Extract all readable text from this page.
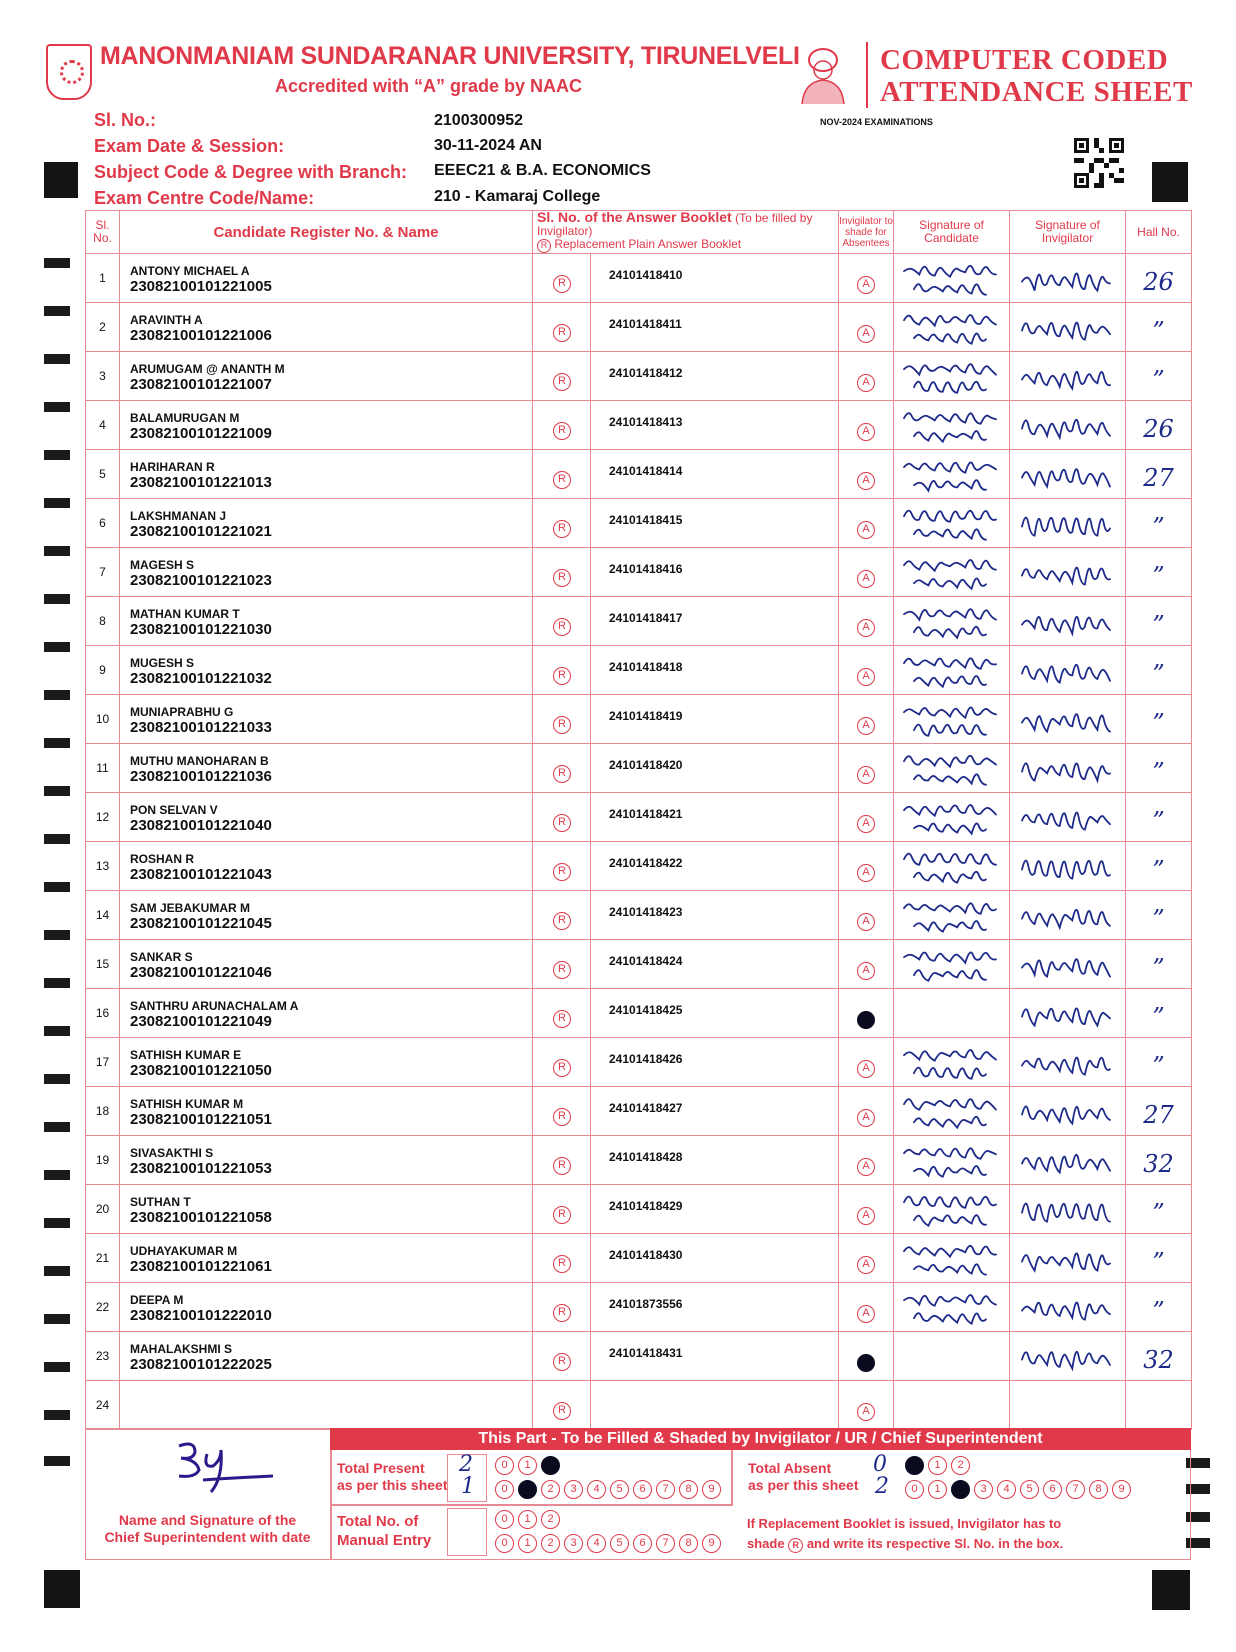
MANONMANIAM SUNDARANAR UNIVERSITY, TIRUNELVELI
Accredited with “A” grade by NAAC
COMPUTER CODED
ATTENDANCE SHEET
NOV-2024 EXAMINATIONS
Sl. No.:	2100300952
Exam Date & Session:	30-11-2024 AN
Subject Code & Degree with Branch: EEEC21 & B.A. ECONOMICS
Exam Centre Code/Name:	210 - Kamaraj College
Sl. No.	Candidate Register No. & Name	Sl. No. of the Answer Booklet (To be filled by Invigilator)
R Replacement Plain Answer Booklet		Invigilator to shade for Absentees	Signature of Candidate	Signature of Invigilator	Hall No.
1	ANTONY MICHAEL A
23082100101221005	R	24101418410	A			26

2	ARAVINTH A
23082100101221006	R	24101418411	A			”

3	ARUMUGAM @ ANANTH M
23082100101221007	R	24101418412	A			”

4	BALAMURUGAN M
23082100101221009	R	24101418413	A			26

5	HARIHARAN R
23082100101221013	R	24101418414	A			27

6	LAKSHMANAN J
23082100101221021	R	24101418415	A			”

7	MAGESH S
23082100101221023	R	24101418416	A			”

8	MATHAN KUMAR T
23082100101221030	R	24101418417	A			”

9	MUGESH S
23082100101221032	R	24101418418	A			”

10	MUNIAPRABHU G
23082100101221033	R	24101418419	A			”

11	MUTHU MANOHARAN B
23082100101221036	R	24101418420	A			”

12	PON SELVAN V
23082100101221040	R	24101418421	A			”

13	ROSHAN R
23082100101221043	R	24101418422	A			”

14	SAM JEBAKUMAR M
23082100101221045	R	24101418423	A			”

15	SANKAR S
23082100101221046	R	24101418424	A			”

16	SANTHRU ARUNACHALAM A
23082100101221049	R	24101418425				”

17	SATHISH KUMAR E
23082100101221050	R	24101418426	A			”

18	SATHISH KUMAR M
23082100101221051	R	24101418427	A			27

19	SIVASAKTHI S
23082100101221053	R	24101418428	A			32

20	SUTHAN T
23082100101221058	R	24101418429	A			”

21	UDHAYAKUMAR M
23082100101221061	R	24101418430	A			”

22	DEEPA M
23082100101222010	R	24101873556	A			”

23	MAHALAKSHMI S
23082100101222025	R	24101418431				32

24		R		A			

This Part - To be Filled & Shaded by Invigilator / UR / Chief Superintendent
Name and Signature of the
Chief Superintendent with date
Total Present
as per this sheet
2
1
0	1
0	2	3	4	5	6	7	8	9
Total Absent
as per this sheet
0
2
1	2
0	1	3	4	5	6	7	8	9
Total No. of
Manual Entry
0	1	2
0	1	2	3	4	5	6	7	8	9
If Replacement Booklet is issued, Invigilator has to
shade R and write its respective Sl. No. in the box.
